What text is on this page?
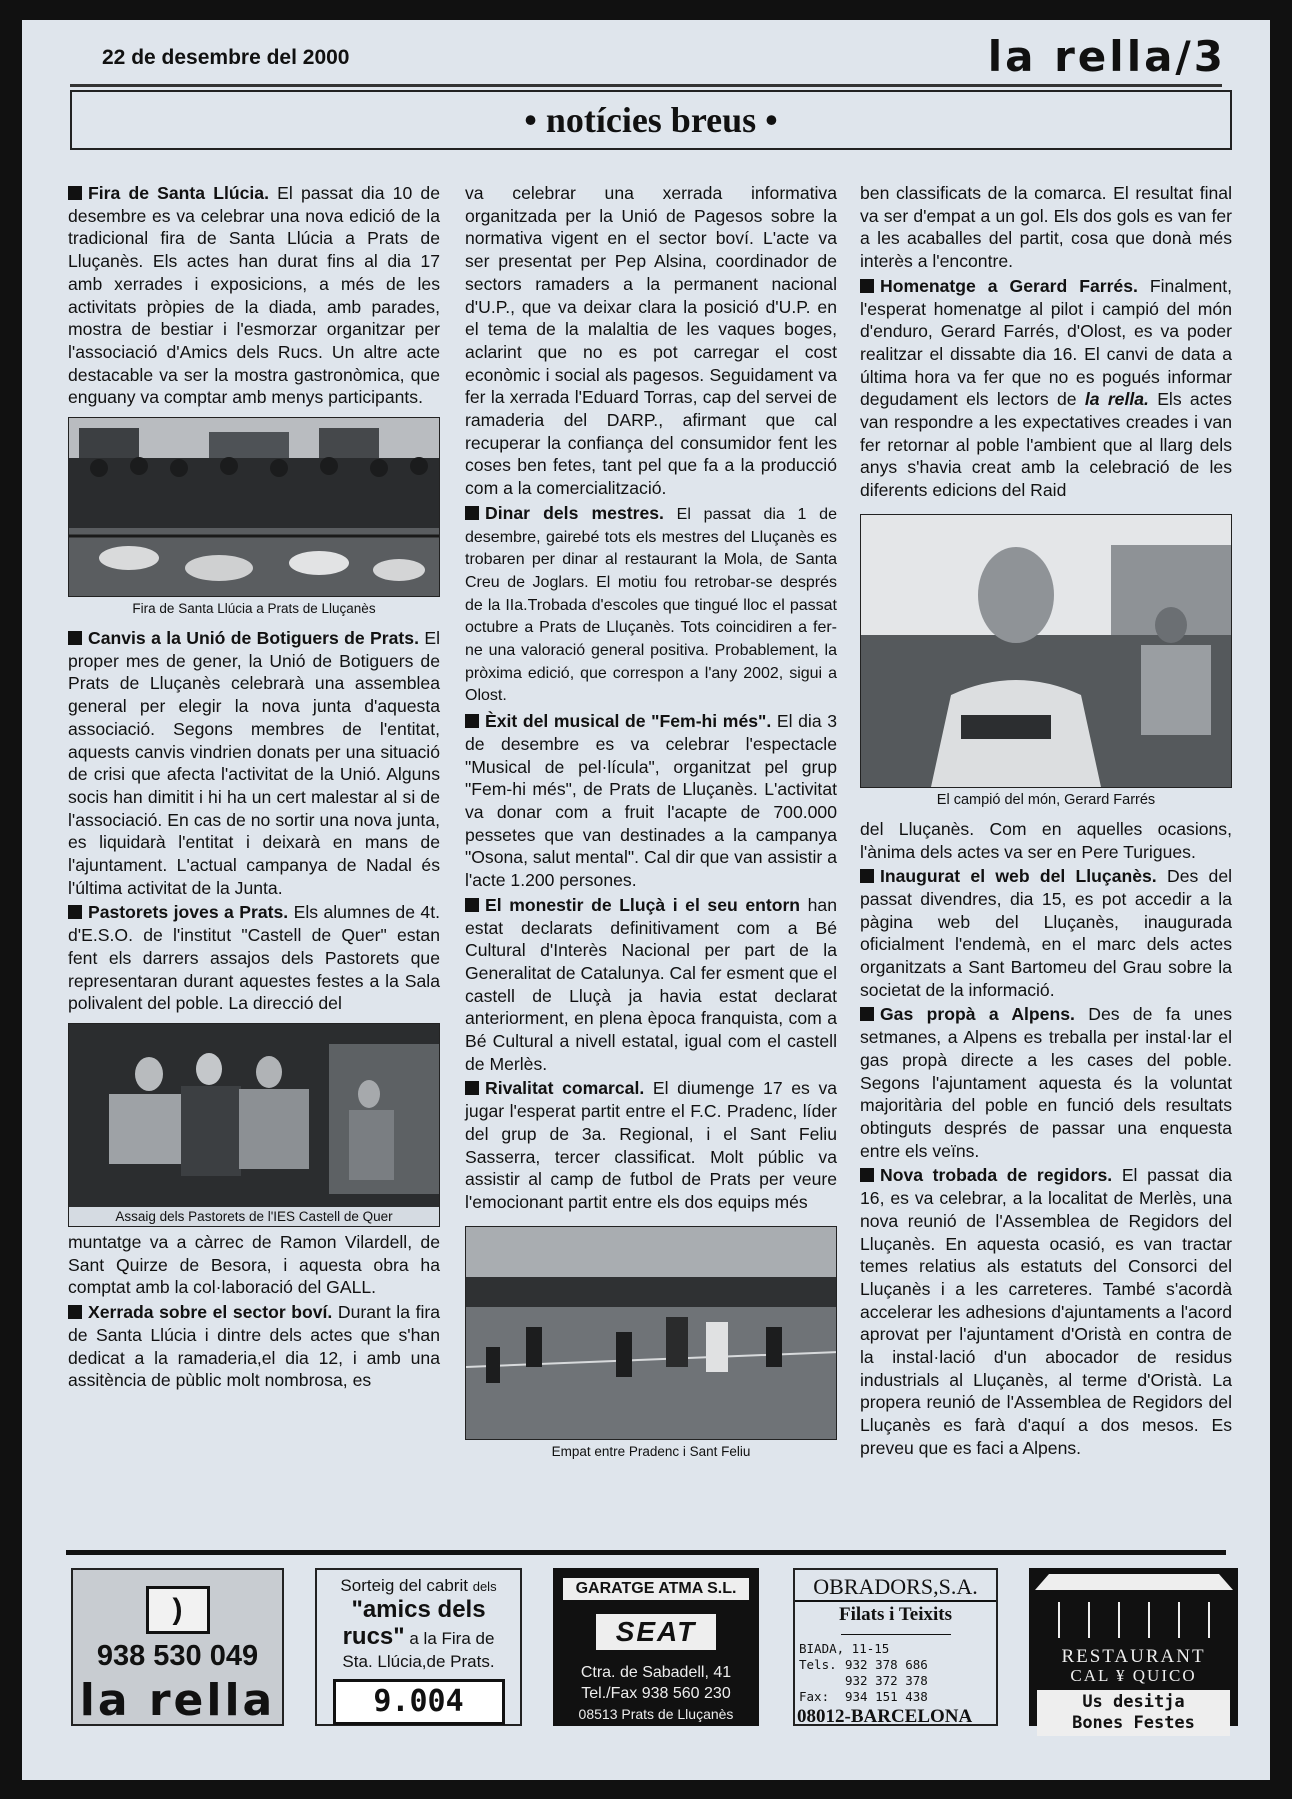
22 de desembre del 2000	la rella/3
• notícies breus •

Fira de Santa Llúcia. El passat dia 10 de desembre es va celebrar una nova edició de la tradicional fira de Santa Llúcia a Prats de Lluçanès. Els actes han durat fins al dia 17 amb xerrades i exposicions, a més de les activitats pròpies de la diada, amb parades, mostra de bestiar i l'esmorzar organitzar per l'associació d'Amics dels Rucs. Un altre acte destacable va ser la mostra gastronòmica, que enguany va comptar amb menys participants.

Fira de Santa Llúcia a Prats de Lluçanès

Canvis a la Unió de Botiguers de Prats. El proper mes de gener, la Unió de Botiguers de Prats de Lluçanès celebrarà una assemblea general per elegir la nova junta d'aquesta associació. Segons membres de l'entitat, aquests canvis vindrien donats per una situació de crisi que afecta l'activitat de la Unió. Alguns socis han dimitit i hi ha un cert malestar al si de l'associació. En cas de no sortir una nova junta, es liquidarà l'entitat i deixarà en mans de l'ajuntament. L'actual campanya de Nadal és l'última activitat de la Junta.

Pastorets joves a Prats. Els alumnes de 4t. d'E.S.O. de l'institut "Castell de Quer" estan fent els darrers assajos dels Pastorets que representaran durant aquestes festes a la Sala polivalent del poble. La direcció del

Assaig dels Pastorets de l'IES Castell de Quer

muntatge va a càrrec de Ramon Vilardell, de Sant Quirze de Besora, i aquesta obra ha comptat amb la col·laboració del GALL.

Xerrada sobre el sector boví. Durant la fira de Santa Llúcia i dintre dels actes que s'han dedicat a la ramaderia,el dia 12, i amb una assitència de pùblic molt nombrosa, es

va celebrar una xerrada informativa organitzada per la Unió de Pagesos sobre la normativa vigent en el sector boví. L'acte va ser presentat per Pep Alsina, coordinador de sectors ramaders a la permanent nacional d'U.P., que va deixar clara la posició d'U.P. en el tema de la malaltia de les vaques boges, aclarint que no es pot carregar el cost econòmic i social als pagesos. Seguidament va fer la xerrada l'Eduard Torras, cap del servei de ramaderia del DARP., afirmant que cal recuperar la confiança del consumidor fent les coses ben fetes, tant pel que fa a la producció com a la comercialització.

Dinar dels mestres. El passat dia 1 de desembre, gairebé tots els mestres del Lluçanès es trobaren per dinar al restaurant la Mola, de Santa Creu de Joglars. El motiu fou retrobar-se després de la IIa.Trobada d'escoles que tingué lloc el passat octubre a Prats de Lluçanès. Tots coincidiren a fer-ne una valoració general positiva. Probablement, la pròxima edició, que correspon a l'any 2002, sigui a Olost.

Èxit del musical de "Fem-hi més". El dia 3 de desembre es va celebrar l'espectacle "Musical de pel·lícula", organitzat pel grup "Fem-hi més", de Prats de Lluçanès. L'activitat va donar com a fruit l'acapte de 700.000 pessetes que van destinades a la campanya "Osona, salut mental". Cal dir que van assistir a l'acte 1.200 persones.

El monestir de Lluçà i el seu entorn han estat declarats definitivament com a Bé Cultural d'Interès Nacional per part de la Generalitat de Catalunya. Cal fer esment que el castell de Lluçà ja havia estat declarat anteriorment, en plena època franquista, com a Bé Cultural a nivell estatal, igual com el castell de Merlès.

Rivalitat comarcal. El diumenge 17 es va jugar l'esperat partit entre el F.C. Pradenc, líder del grup de 3a. Regional, i el Sant Feliu Sasserra, tercer classificat. Molt públic va assistir al camp de futbol de Prats per veure l'emocionant partit entre els dos equips més

Empat entre Pradenc i Sant Feliu

ben classificats de la comarca. El resultat final va ser d'empat a un gol. Els dos gols es van fer a les acaballes del partit, cosa que donà més interès a l'encontre.

Homenatge a Gerard Farrés. Finalment, l'esperat homenatge al pilot i campió del món d'enduro, Gerard Farrés, d'Olost, es va poder realitzar el dissabte dia 16. El canvi de data a última hora va fer que no es pogués informar degudament els lectors de la rella. Els actes van respondre a les expectatives creades i van fer retornar al poble l'ambient que al llarg dels anys s'havia creat amb la celebració de les diferents edicions del Raid

El campió del món, Gerard Farrés

del Lluçanès. Com en aquelles ocasions, l'ànima dels actes va ser en Pere Turigues.

Inaugurat el web del Lluçanès. Des del passat divendres, dia 15, es pot accedir a la pàgina web del Lluçanès, inaugurada oficialment l'endemà, en el marc dels actes organitzats a Sant Bartomeu del Grau sobre la societat de la informació.

Gas propà a Alpens. Des de fa unes setmanes, a Alpens es treballa per instal·lar el gas propà directe a les cases del poble. Segons l'ajuntament aquesta és la voluntat majoritària del poble en funció dels resultats obtinguts després de passar una enquesta entre els veïns.

Nova trobada de regidors. El passat dia 16, es va celebrar, a la localitat de Merlès, una nova reunió de l'Assemblea de Regidors del Lluçanès. En aquesta ocasió, es van tractar temes relatius als estatuts del Consorci del Lluçanès i a les carreteres. També s'acordà accelerar les adhesions d'ajuntaments a l'acord aprovat per l'ajuntament d'Oristà en contra de la instal·lació d'un abocador de residus industrials al Lluçanès, al terme d'Oristà. La propera reunió de l'Assemblea de Regidors del Lluçanès es farà d'aquí a dos mesos. Es preveu que es faci a Alpens.

)
938 530 049
la rella
Sorteig del cabrit dels
"amics dels
rucs" a la Fira de
Sta. Llúcia,de Prats.
9.004
GARATGE ATMA S.L.
SEAT
Ctra. de Sabadell, 41
Tel./Fax 938 560 230
08513 Prats de Lluçanès
OBRADORS,S.A.
Filats i Teixits
BIADA, 11-15
Tels. 932 378 686
932 372 378
Fax: 934 151 438
08012-BARCELONA
RESTAURANT
CAL ¥ QUICO
Us desitja
Bones Festes
